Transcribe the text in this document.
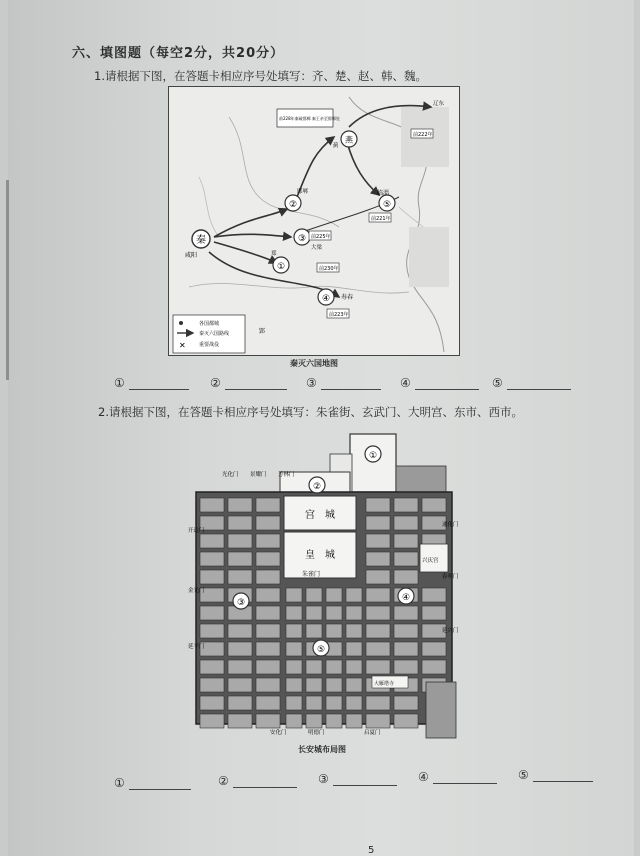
六、填图题（每空2分，共20分）
1.请根据下图，在答题卡相应序号处填写：齐、楚、赵、韩、魏。
秦
咸阳
燕
蓟
②
③
①
④
⑤
邯郸
大梁
临淄
寿春
郑
郢
辽东
前228年秦破邯郸 秦王亲至邯郸处
前222年
前221年
前225年
前230年
前223年
各国都城
秦灭六国路线
✕	重要战役
秦灭六国地图
①	②	③	④	⑤
2.请根据下图，在答题卡相应序号处填写：朱雀街、玄武门、大明宫、东市、西市。
宫　城
皇　城
朱雀门
兴庆宫
大雁塔寺
①
②
③	④
⑤
光化门 景耀门 芳林门
开远门
金光门
延平门
通化门
春明门
延兴门
安化门	明德门	启夏门
长安城布局图
①	②	③	④	⑤
5
